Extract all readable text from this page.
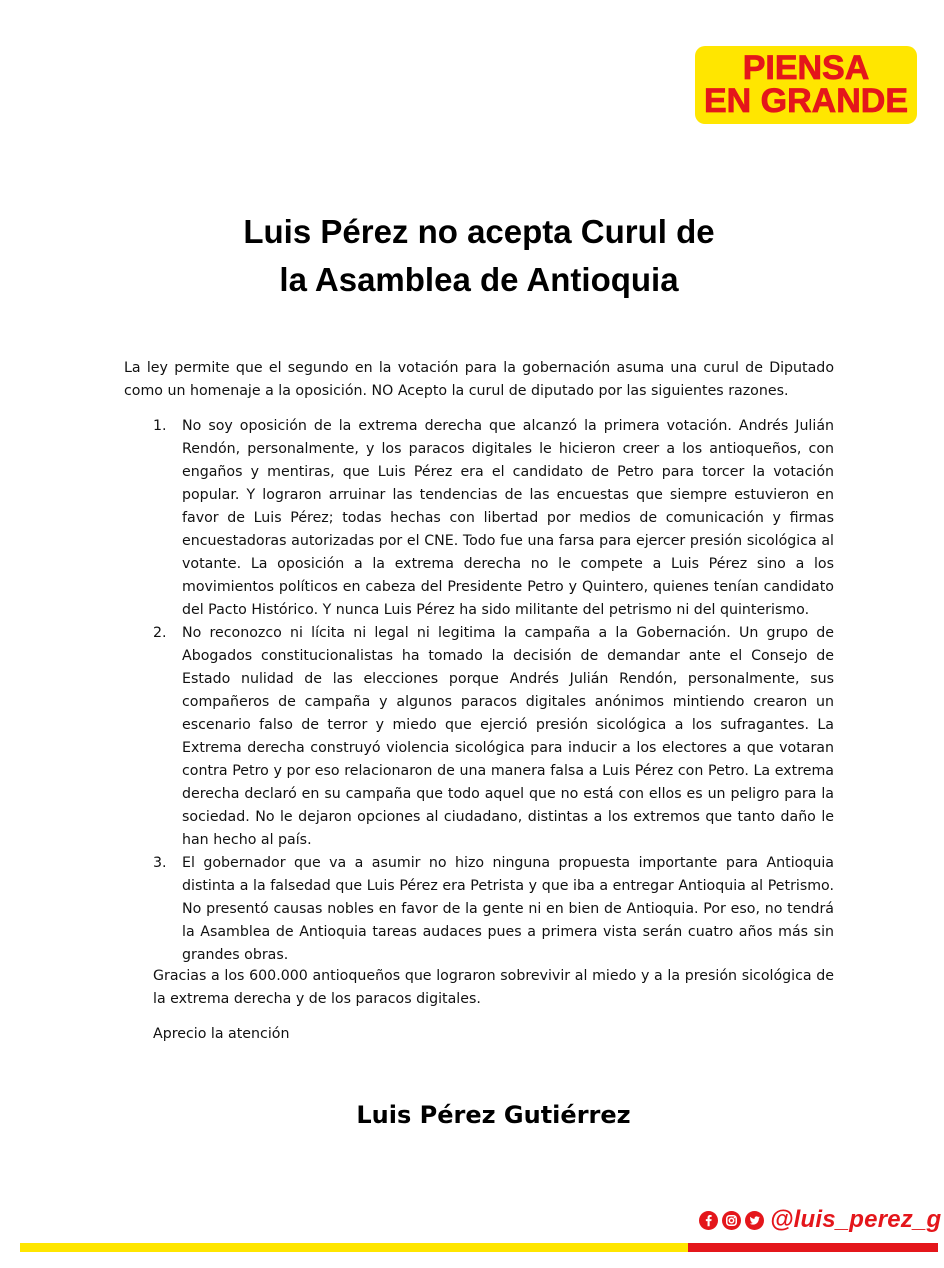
PIENSA
EN GRANDE
Luis Pérez no acepta Curul de
la Asamblea de Antioquia

La ley permite que el segundo en la votación para la gobernación asuma una curul de Diputado como un homenaje a la oposición. NO Acepto la curul de diputado por las siguientes razones.

1. No soy oposición de la extrema derecha que alcanzó la primera votación. Andrés Julián Rendón, personalmente, y los paracos digitales le hicieron creer a los antioqueños, con engaños y mentiras, que Luis Pérez era el candidato de Petro para torcer la votación popular. Y lograron arruinar las tendencias de las encuestas que siempre estuvieron en favor de Luis Pérez; todas hechas con libertad por medios de comunicación y firmas encuestadoras autorizadas por el CNE. Todo fue una farsa para ejercer presión sicológica al votante. La oposición a la extrema derecha no le compete a Luis Pérez sino a los movimientos políticos en cabeza del Presidente Petro y Quintero, quienes tenían candidato del Pacto Histórico. Y nunca Luis Pérez ha sido militante del petrismo ni del quinterismo.
2. No reconozco ni lícita ni legal ni legitima la campaña a la Gobernación. Un grupo de Abogados constitucionalistas ha tomado la decisión de demandar ante el Consejo de Estado nulidad de las elecciones porque Andrés Julián Rendón, personalmente, sus compañeros de campaña y algunos paracos digitales anónimos mintiendo crearon un escenario falso de terror y miedo que ejerció presión sicológica a los sufragantes. La Extrema derecha construyó violencia sicológica para inducir a los electores a que votaran contra Petro y por eso relacionaron de una manera falsa a Luis Pérez con Petro. La extrema derecha declaró en su campaña que todo aquel que no está con ellos es un peligro para la sociedad. No le dejaron opciones al ciudadano, distintas a los extremos que tanto daño le han hecho al país.
3. El gobernador que va a asumir no hizo ninguna propuesta importante para Antioquia distinta a la falsedad que Luis Pérez era Petrista y que iba a entregar Antioquia al Petrismo. No presentó causas nobles en favor de la gente ni en bien de Antioquia. Por eso, no tendrá la Asamblea de Antioquia tareas audaces pues a primera vista serán cuatro años más sin grandes obras.

Gracias a los 600.000 antioqueños que lograron sobrevivir al miedo y a la presión sicológica de la extrema derecha y de los paracos digitales.

Aprecio la atención

Luis Pérez Gutiérrez
@luis_perez_g
